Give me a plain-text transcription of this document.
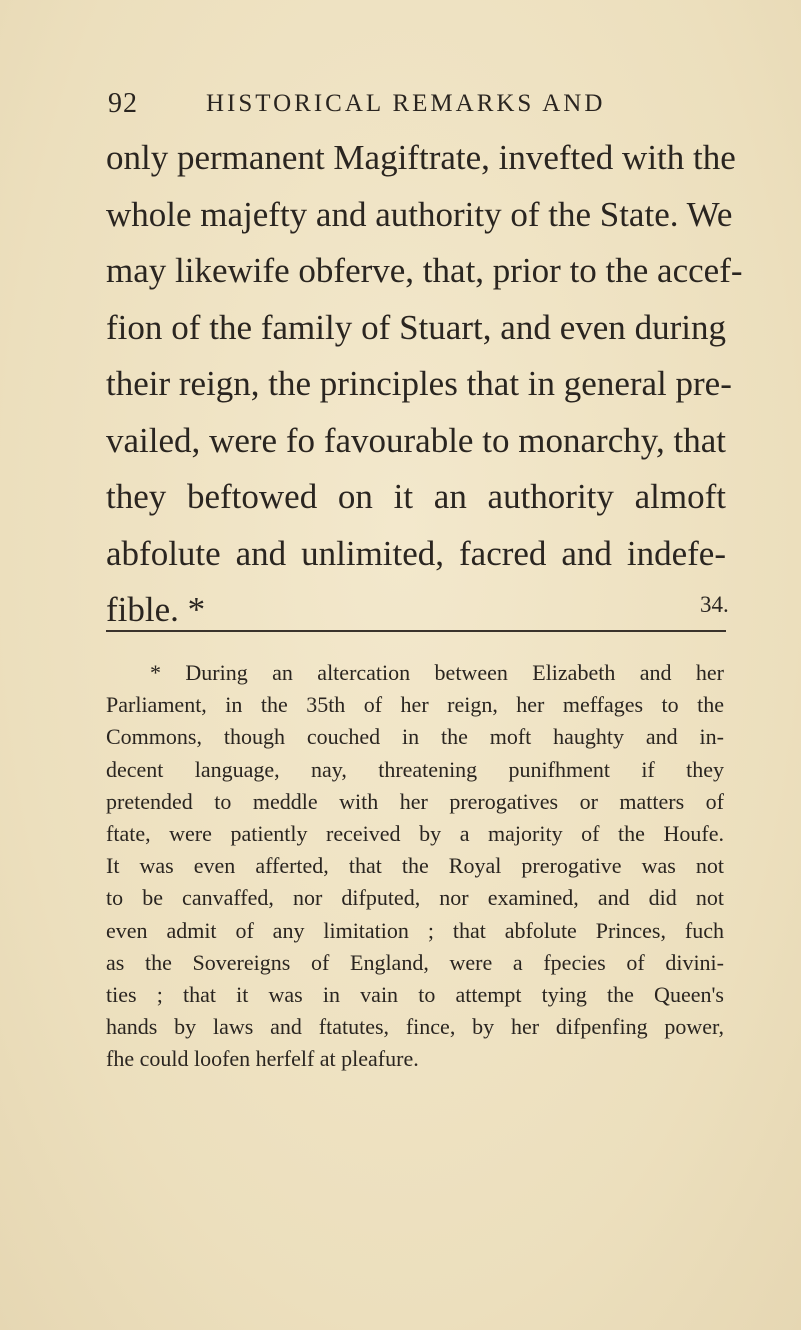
92	HISTORICAL REMARKS AND
only permanent Magiftrate, invefted with the
whole majefty and authority of the State. We
may likewife obferve, that, prior to the accef-
fion of the family of Stuart, and even during
their reign, the principles that in general pre-
vailed, were fo favourable to monarchy, that
they beftowed on it an authority almoft
abfolute and unlimited, facred and indefe-
fible. *	34.
* During an altercation between Elizabeth and her
Parliament, in the 35th of her reign, her meffages to the
Commons, though couched in the moft haughty and in-
decent language, nay, threatening punifhment if they
pretended to meddle with her prerogatives or matters of
ftate, were patiently received by a majority of the Houfe.
It was even afferted, that the Royal prerogative was not
to be canvaffed, nor difputed, nor examined, and did not
even admit of any limitation ; that abfolute Princes, fuch
as the Sovereigns of England, were a fpecies of divini-
ties ; that it was in vain to attempt tying the Queen's
hands by laws and ftatutes, fince, by her difpenfing power,
fhe could loofen herfelf at pleafure.
